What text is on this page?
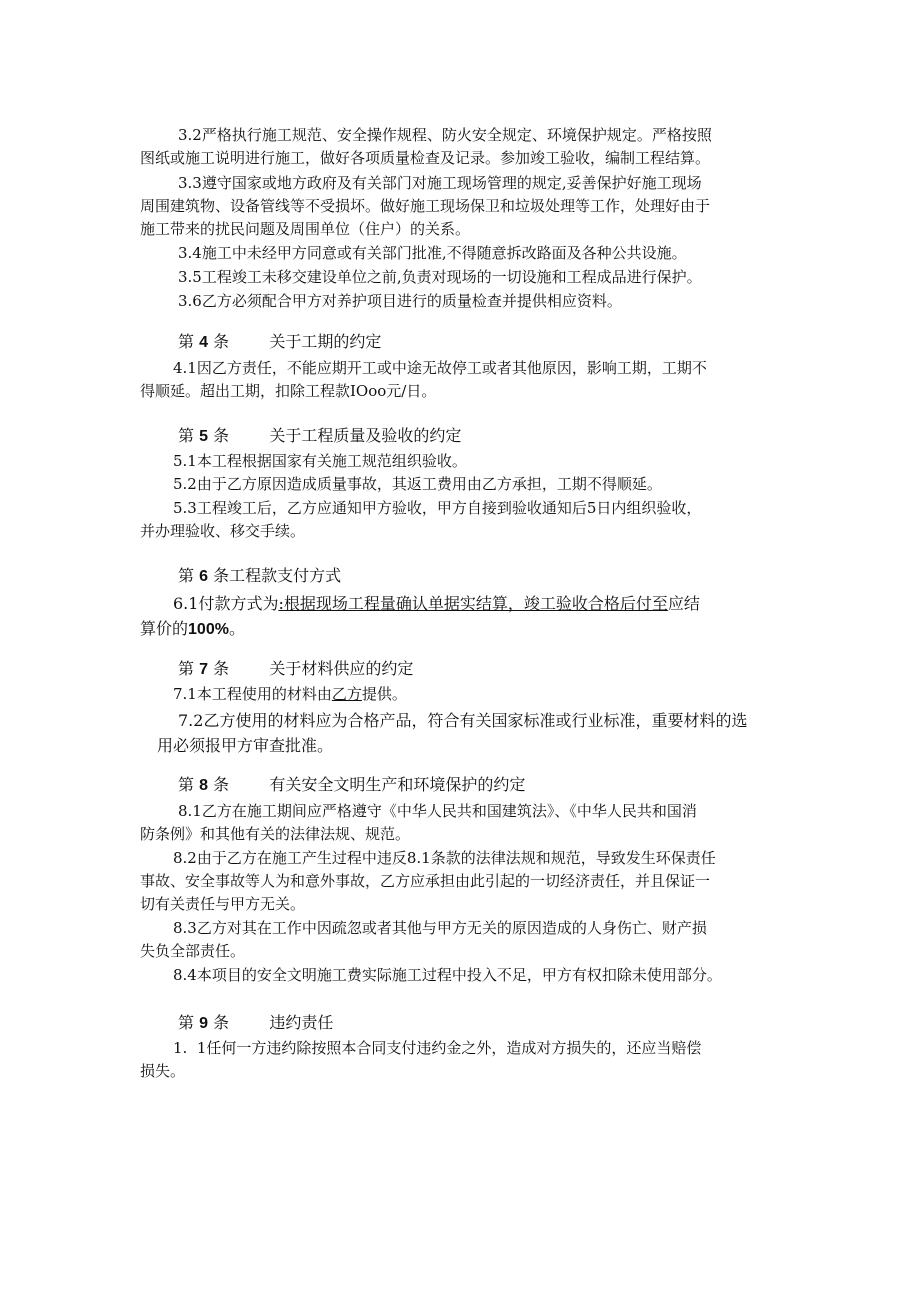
3.2严格执行施工规范、安全操作规程、防火安全规定、环境保护规定。严格按照
图纸或施工说明进行施工，做好各项质量检查及记录。参加竣工验收，编制工程结算。
3.3遵守国家或地方政府及有关部门对施工现场管理的规定,妥善保护好施工现场
周围建筑物、设备管线等不受损坏。做好施工现场保卫和垃圾处理等工作，处理好由于
施工带来的扰民问题及周围单位（住户）的关系。
3.4施工中未经甲方同意或有关部门批准,不得随意拆改路面及各种公共设施。
3.5工程竣工未移交建设单位之前,负责对现场的一切设施和工程成品进行保护。
3.6乙方必须配合甲方对养护项目进行的质量检查并提供相应资料。
第 4 条	关于工期的约定
4.1因乙方责任，不能应期开工或中途无故停工或者其他原因，影响工期，工期不
得顺延。超出工期，扣除工程款IOoo元/日。
第 5 条	关于工程质量及验收的约定
5.1本工程根据国家有关施工规范组织验收。
5.2由于乙方原因造成质量事故，其返工费用由乙方承担，工期不得顺延。
5.3工程竣工后，乙方应通知甲方验收，甲方自接到验收通知后5日内组织验收，
并办理验收、移交手续。
第 6 条工程款支付方式
6.1付款方式为:根据现场工程量确认单据实结算，竣工验收合格后付至应结
算价的100%。
第 7 条	关于材料供应的约定
7.1本工程使用的材料由乙方提供。
7.2乙方使用的材料应为合格产品，符合有关国家标准或行业标准，重要材料的选
用必须报甲方审查批准。
第 8 条	有关安全文明生产和环境保护的约定
8.1乙方在施工期间应严格遵守《中华人民共和国建筑法》、《中华人民共和国消
防条例》和其他有关的法律法规、规范。
8.2由于乙方在施工产生过程中违反8.1条款的法律法规和规范，导致发生环保责任
事故、安全事故等人为和意外事故，乙方应承担由此引起的一切经济责任，并且保证一
切有关责任与甲方无关。
8.3乙方对其在工作中因疏忽或者其他与甲方无关的原因造成的人身伤亡、财产损
失负全部责任。
8.4本项目的安全文明施工费实际施工过程中投入不足，甲方有权扣除未使用部分。
第 9 条	违约责任
1.  1任何一方违约除按照本合同支付违约金之外，造成对方损失的，还应当赔偿
损失。
